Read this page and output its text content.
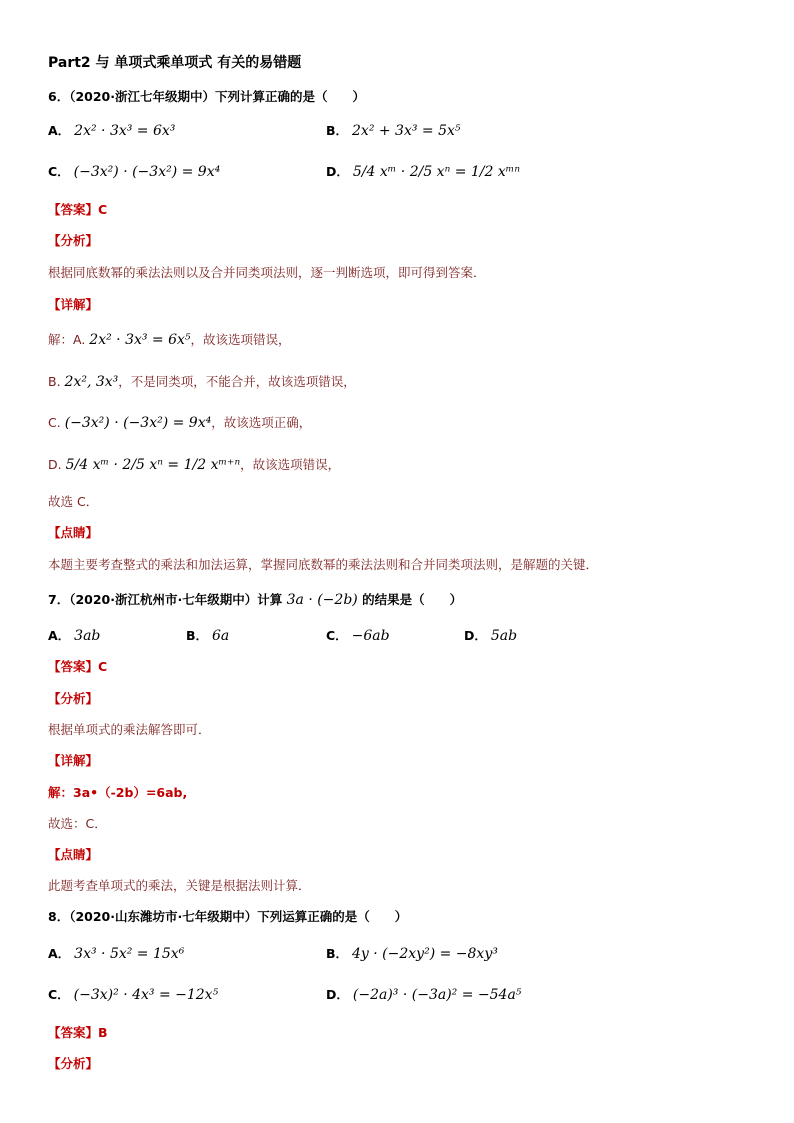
Part2 与 单项式乘单项式 有关的易错题
6．（2020·浙江七年级期中）下列计算正确的是（　　）
A． 2x² · 3x³ = 6x³	B． 2x² + 3x³ = 5x⁵
C． (−3x²) · (−3x²) = 9x⁴	D． 5/4 xᵐ · 2/5 xⁿ = 1/2 xᵐⁿ
【答案】C
【分析】
根据同底数幂的乘法法则以及合并同类项法则，逐一判断选项，即可得到答案．
【详解】
解：A. 2x² · 3x³ = 6x⁵，故该选项错误，
B. 2x², 3x³，不是同类项，不能合并，故该选项错误，
C. (−3x²) · (−3x²) = 9x⁴，故该选项正确，
D. 5/4 xᵐ · 2/5 xⁿ = 1/2 xᵐ⁺ⁿ，故该选项错误，
故选 C．
【点睛】
本题主要考查整式的乘法和加法运算，掌握同底数幂的乘法法则和合并同类项法则，是解题的关键．
7．（2020·浙江杭州市·七年级期中）计算 3a · (−2b) 的结果是（　　）
A． 3ab	B． 6a	C． −6ab	D． 5ab
【答案】C
【分析】
根据单项式的乘法解答即可．
【详解】
解：3a•（-2b）=6ab,
故选：C．
【点睛】
此题考查单项式的乘法，关键是根据法则计算．
8．（2020·山东潍坊市·七年级期中）下列运算正确的是（　　）
A． 3x³ · 5x² = 15x⁶	B． 4y · (−2xy²) = −8xy³
C． (−3x)² · 4x³ = −12x⁵	D． (−2a)³ · (−3a)² = −54a⁵
【答案】B
【分析】
